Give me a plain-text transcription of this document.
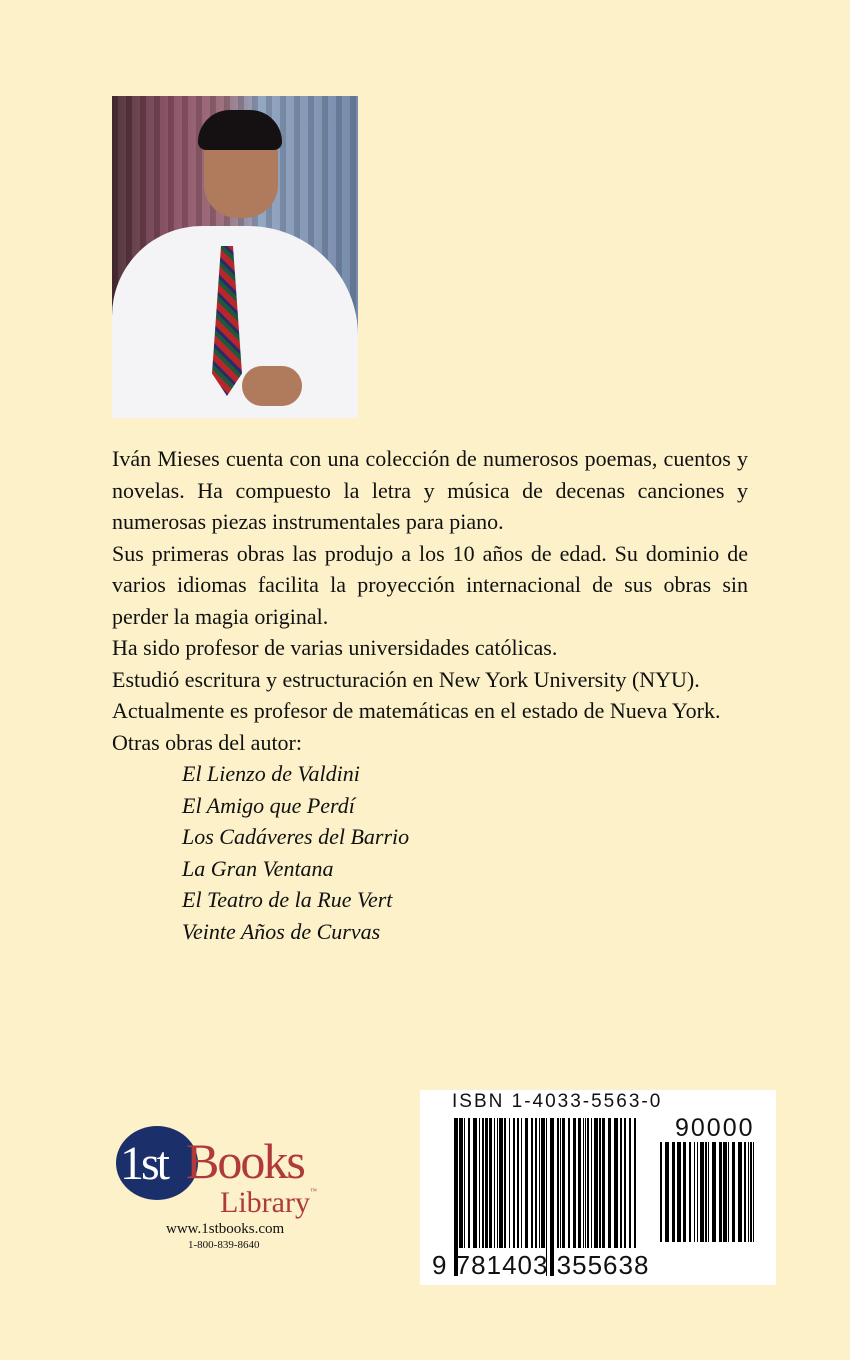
Iván Mieses cuenta con una colección de numerosos poemas, cuentos y novelas. Ha compuesto la letra y música de decenas canciones y numerosas piezas instrumentales para piano.

Sus primeras obras las produjo a los 10 años de edad. Su dominio de varios idiomas facilita la proyección internacional de sus obras sin perder la magia original.

Ha sido profesor de varias universidades católicas.

Estudió escritura y estructuración en New York University (NYU).

Actualmente es profesor de matemáticas en el estado de Nueva York.

Otras obras del autor:

El Lienzo de Valdini
El Amigo que Perdí
Los Cadáveres del Barrio
La Gran Ventana
El Teatro de la Rue Vert
Veinte Años de Curvas
1st Books
Library™
www.1stbooks.com
1-800-839-8640
ISBN 1-4033-5563-0
90000
9 781403 355638
